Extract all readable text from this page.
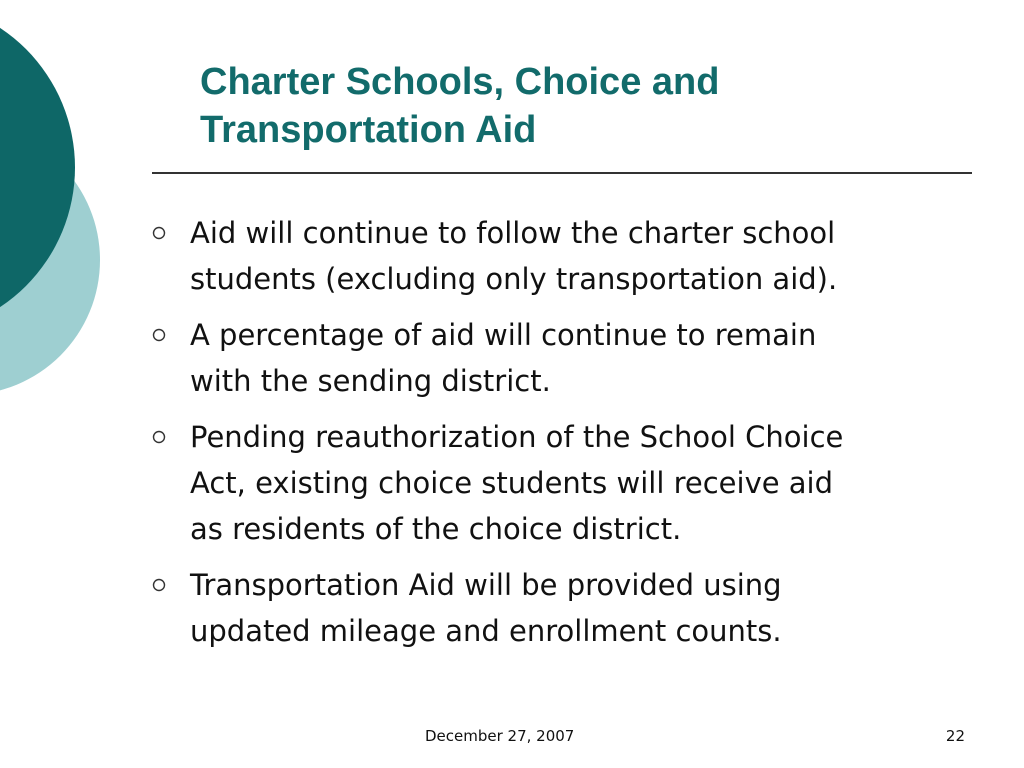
Charter Schools, Choice and
Transportation Aid
Aid will continue to follow the charter school
students (excluding only transportation aid).
A percentage of aid will continue to remain
with the sending district.
Pending reauthorization of the School Choice
Act, existing choice students will receive aid
as residents of the choice district.
Transportation Aid will be provided using
updated mileage and enrollment counts.
December 27, 2007	22
